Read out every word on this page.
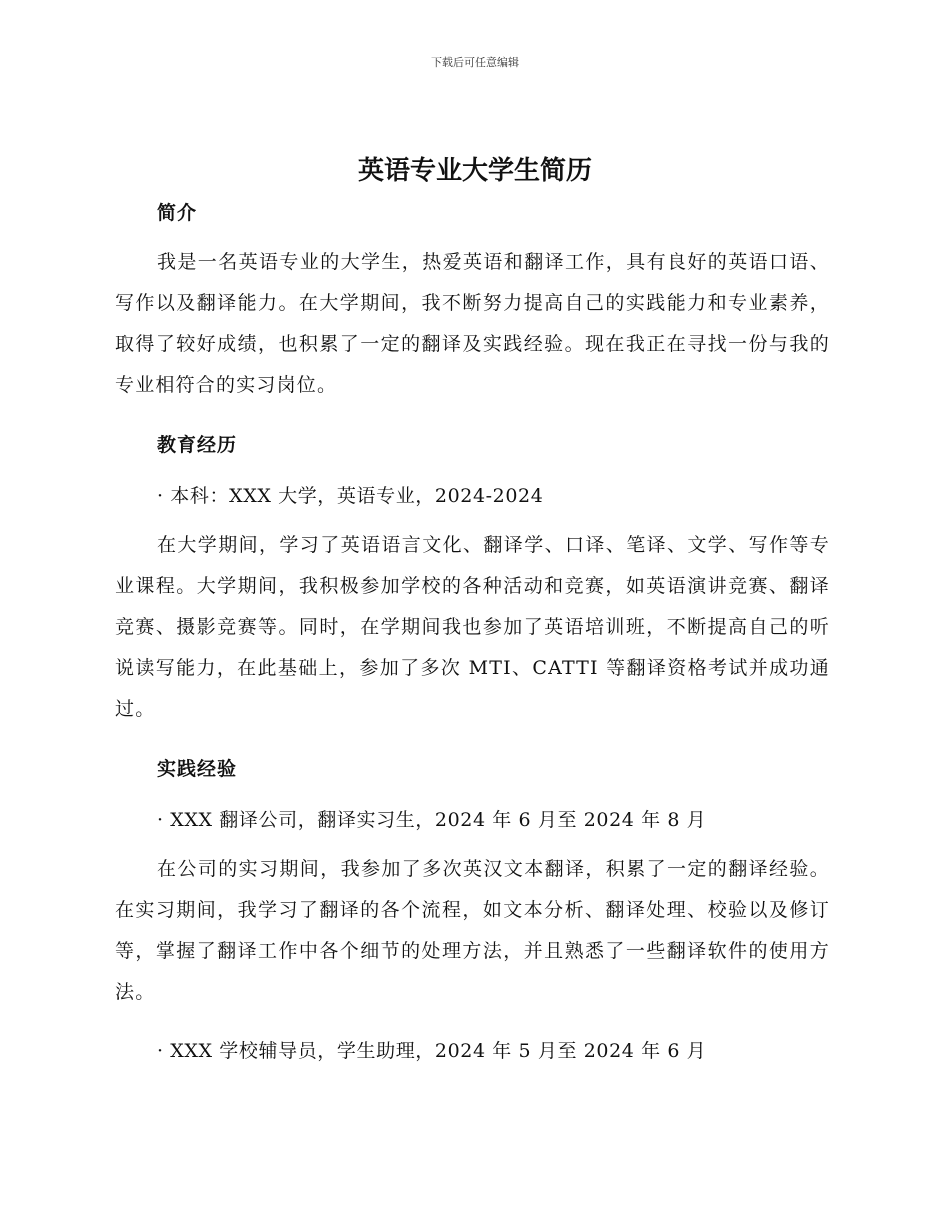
下载后可任意编辑
英语专业大学生简历
简介
我是一名英语专业的大学生，热爱英语和翻译工作，具有良好的英语口语、写作以及翻译能力。在大学期间，我不断努力提高自己的实践能力和专业素养，取得了较好成绩，也积累了一定的翻译及实践经验。现在我正在寻找一份与我的专业相符合的实习岗位。
教育经历
· 本科：XXX 大学，英语专业，2024-2024
在大学期间，学习了英语语言文化、翻译学、口译、笔译、文学、写作等专业课程。大学期间，我积极参加学校的各种活动和竞赛，如英语演讲竞赛、翻译竞赛、摄影竞赛等。同时，在学期间我也参加了英语培训班，不断提高自己的听说读写能力，在此基础上，参加了多次 MTI、CATTI 等翻译资格考试并成功通过。
实践经验
· XXX 翻译公司，翻译实习生，2024 年 6 月至 2024 年 8 月
在公司的实习期间，我参加了多次英汉文本翻译，积累了一定的翻译经验。在实习期间，我学习了翻译的各个流程，如文本分析、翻译处理、校验以及修订等，掌握了翻译工作中各个细节的处理方法，并且熟悉了一些翻译软件的使用方法。
· XXX 学校辅导员，学生助理，2024 年 5 月至 2024 年 6 月
